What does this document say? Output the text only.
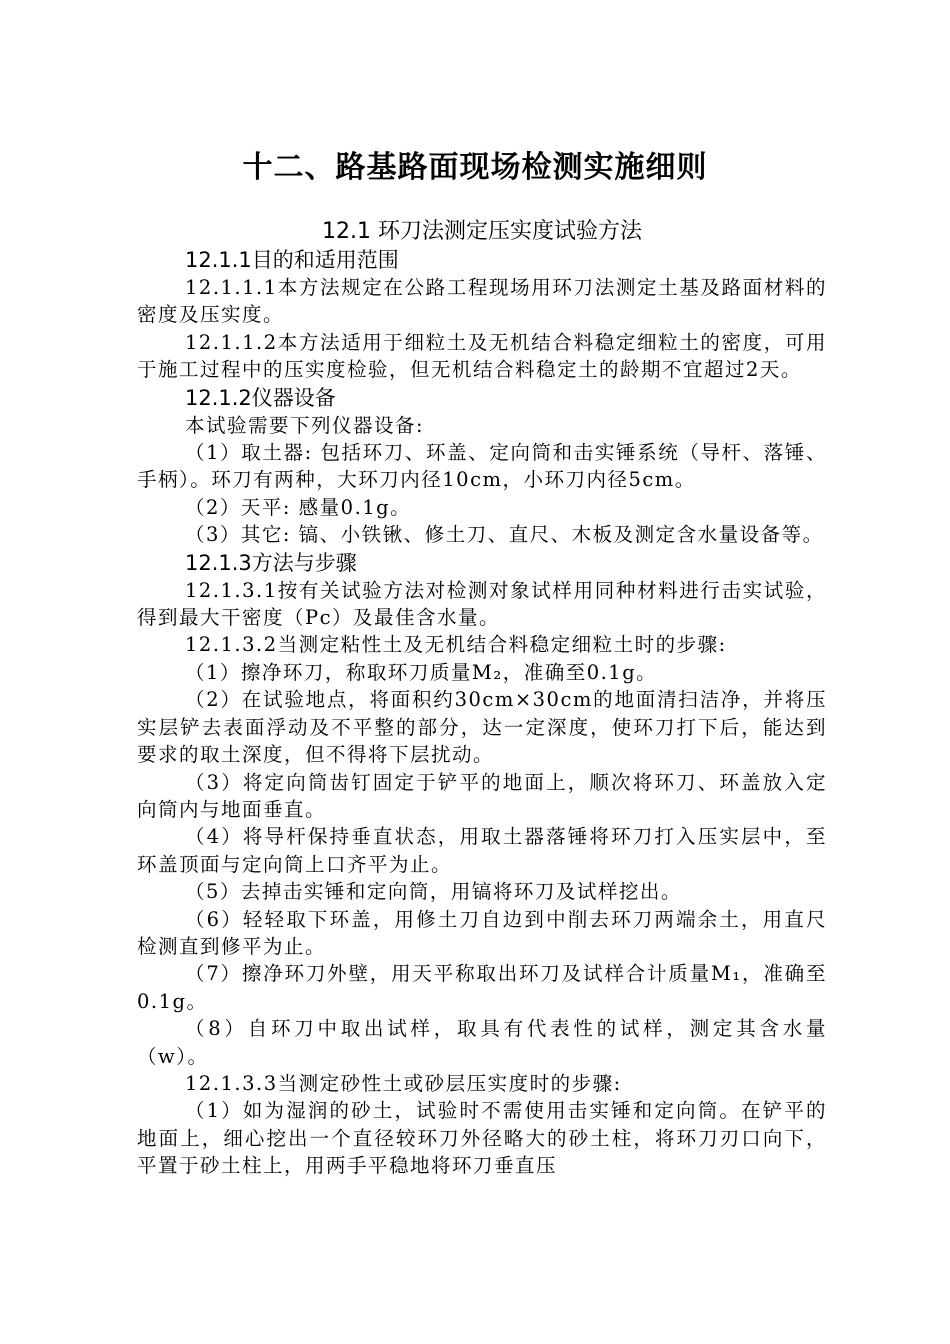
十二、路基路面现场检测实施细则
12.1 环刀法测定压实度试验方法
12.1.1目的和适用范围

12.1.1.1本方法规定在公路工程现场用环刀法测定土基及路面材料的密度及压实度。

12.1.1.2本方法适用于细粒土及无机结合料稳定细粒土的密度，可用于施工过程中的压实度检验，但无机结合料稳定土的龄期不宜超过2天。

12.1.2仪器设备

本试验需要下列仪器设备:

（1）取土器: 包括环刀、环盖、定向筒和击实锤系统（导杆、落锤、手柄）。环刀有两种，大环刀内径10cm，小环刀内径5cm。

（2）天平: 感量0.1g。

（3）其它: 镐、小铁锹、修土刀、直尺、木板及测定含水量设备等。

12.1.3方法与步骤

12.1.3.1按有关试验方法对检测对象试样用同种材料进行击实试验，得到最大干密度（Pc）及最佳含水量。

12.1.3.2当测定粘性土及无机结合料稳定细粒土时的步骤:

（1）擦净环刀，称取环刀质量M₂，准确至0.1g。

（2）在试验地点，将面积约30cm×30cm的地面清扫洁净，并将压实层铲去表面浮动及不平整的部分，达一定深度，使环刀打下后，能达到要求的取土深度，但不得将下层扰动。

（3）将定向筒齿钉固定于铲平的地面上，顺次将环刀、环盖放入定向筒内与地面垂直。

（4）将导杆保持垂直状态，用取土器落锤将环刀打入压实层中，至环盖顶面与定向筒上口齐平为止。

（5）去掉击实锤和定向筒，用镐将环刀及试样挖出。

（6）轻轻取下环盖，用修土刀自边到中削去环刀两端余土，用直尺检测直到修平为止。

（7）擦净环刀外壁，用天平称取出环刀及试样合计质量M₁，准确至0.1g。

（8）自环刀中取出试样，取具有代表性的试样，测定其含水量（w）。

12.1.3.3当测定砂性土或砂层压实度时的步骤:

（1）如为湿润的砂土，试验时不需使用击实锤和定向筒。在铲平的地面上，细心挖出一个直径较环刀外径略大的砂土柱，将环刀刃口向下，平置于砂土柱上，用两手平稳地将环刀垂直压
